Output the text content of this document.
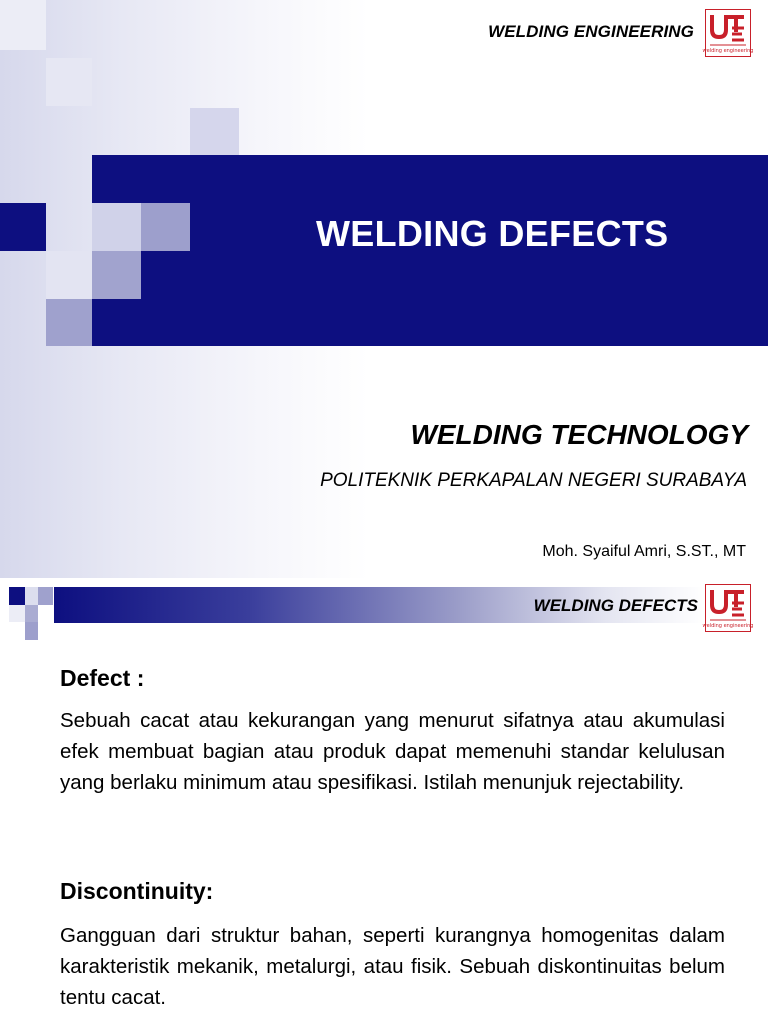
WELDING ENGINEERING
welding engineering
WELDING DEFECTS
WELDING TECHNOLOGY
POLITEKNIK PERKAPALAN NEGERI SURABAYA
Moh. Syaiful Amri, S.ST., MT
WELDING DEFECTS
welding engineering
Defect :

Sebuah cacat atau kekurangan yang menurut sifatnya atau akumulasi efek membuat bagian atau produk dapat memenuhi standar kelulusan yang berlaku minimum atau spesifikasi. Istilah menunjuk rejectability.

Discontinuity:

Gangguan dari struktur bahan, seperti kurangnya homogenitas dalam karakteristik mekanik, metalurgi, atau fisik. Sebuah diskontinuitas belum tentu cacat.
